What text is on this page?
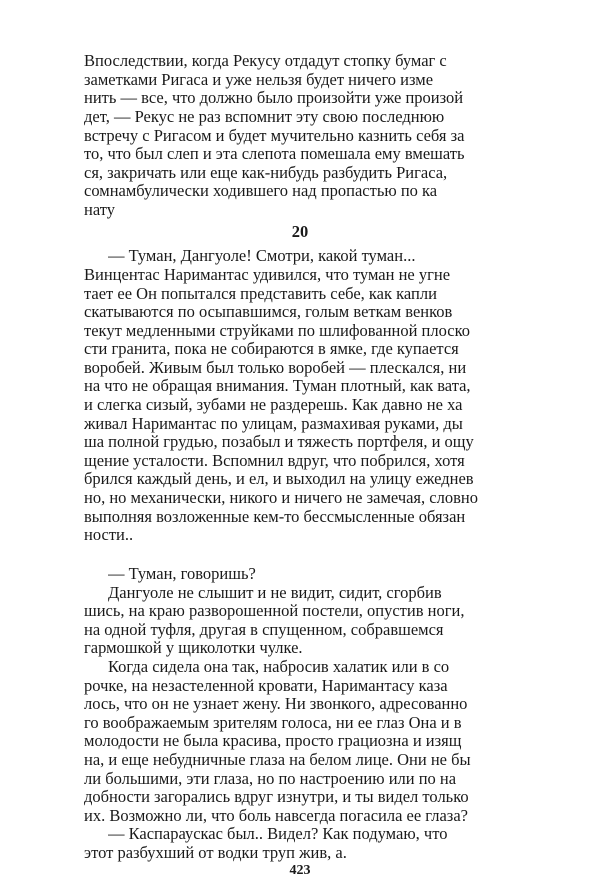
Впоследствии, когда Рекусу отдадут стопку бумаг с
заметками Ригаса и уже нельзя будет ничего изме
нить — все, что должно было произойти уже произой
дет, — Рекус не раз вспомнит эту свою последнюю
встречу с Ригасом и будет мучительно казнить себя за
то, что был слеп и эта слепота помешала ему вмешать
ся, закричать или еще как-нибудь разбудить Ригаса,
сомнамбулически ходившего над пропастью по ка
нату
20
— Туман, Дангуоле! Смотри, какой туман...
Винцентас Наримантас удивился, что туман не угне
тает ее Он попытался представить себе, как капли
скатываются по осыпавшимся, голым веткам венков
текут медленными струйками по шлифованной плоско
сти гранита, пока не собираются в ямке, где купается
воробей. Живым был только воробей — плескался, ни
на что не обращая внимания. Туман плотный, как вата,
и слегка сизый, зубами не раздерешь. Как давно не ха
живал Наримантас по улицам, размахивая руками, ды
ша полной грудью, позабыл и тяжесть портфеля, и ощу
щение усталости. Вспомнил вдруг, что побрился, хотя
брился каждый день, и ел, и выходил на улицу ежеднев
но, но механически, никого и ничего не замечая, словно
выполняя возложенные кем-то бессмысленные обязан
ности..
— Туман, говоришь?
Дангуоле не слышит и не видит, сидит, сгорбив
шись, на краю разворошенной постели, опустив ноги,
на одной туфля, другая в спущенном, собравшемся
гармошкой у щиколотки чулке.
Когда сидела она так, набросив халатик или в со
рочке, на незастеленной кровати, Наримантасу каза
лось, что он не узнает жену. Ни звонкого, адресованно
го воображаемым зрителям голоса, ни ее глаз Она и в
молодости не была красива, просто грациозна и изящ
на, и еще небудничные глаза на белом лице. Они не бы
ли большими, эти глаза, но по настроению или по на
добности загорались вдруг изнутри, и ты видел только
их. Возможно ли, что боль навсегда погасила ее глаза?
— Каспараускас был.. Видел? Как подумаю, что
этот разбухший от водки труп жив, а.
423
